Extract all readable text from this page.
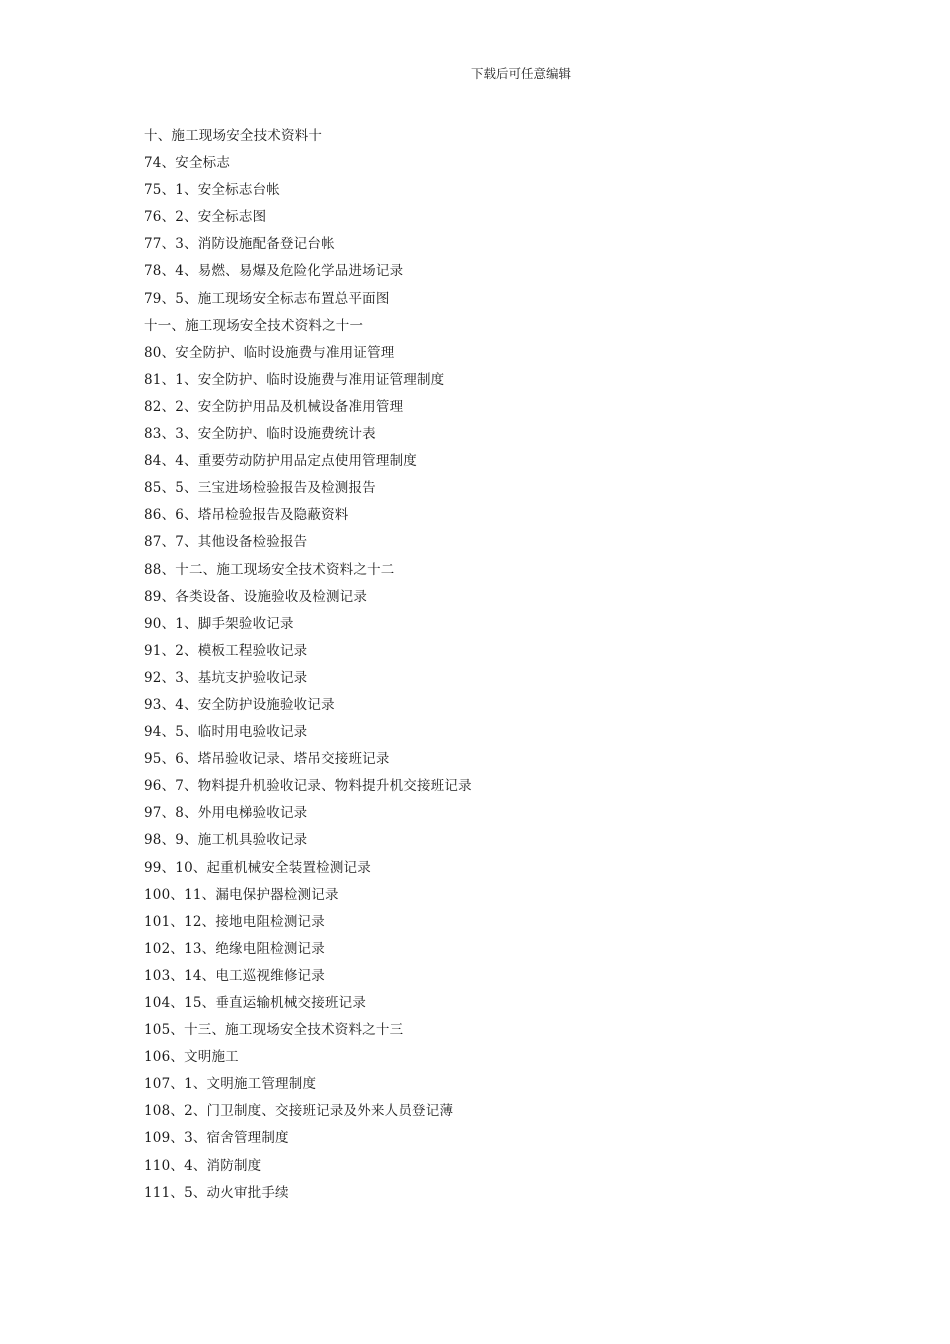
下载后可任意编辑
十、施工现场安全技术资料十
74、安全标志
75、1、安全标志台帐
76、2、安全标志图
77、3、消防设施配备登记台帐
78、4、易燃、易爆及危险化学品进场记录
79、5、施工现场安全标志布置总平面图
十一、施工现场安全技术资料之十一
80、安全防护、临时设施费与准用证管理
81、1、安全防护、临时设施费与准用证管理制度
82、2、安全防护用品及机械设备准用管理
83、3、安全防护、临时设施费统计表
84、4、重要劳动防护用品定点使用管理制度
85、5、三宝进场检验报告及检测报告
86、6、塔吊检验报告及隐蔽资料
87、7、其他设备检验报告
88、十二、施工现场安全技术资料之十二
89、各类设备、设施验收及检测记录
90、1、脚手架验收记录
91、2、模板工程验收记录
92、3、基坑支护验收记录
93、4、安全防护设施验收记录
94、5、临时用电验收记录
95、6、塔吊验收记录、塔吊交接班记录
96、7、物料提升机验收记录、物料提升机交接班记录
97、8、外用电梯验收记录
98、9、施工机具验收记录
99、10、起重机械安全装置检测记录
100、11、漏电保护器检测记录
101、12、接地电阻检测记录
102、13、绝缘电阻检测记录
103、14、电工巡视维修记录
104、15、垂直运输机械交接班记录
105、十三、施工现场安全技术资料之十三
106、文明施工
107、1、文明施工管理制度
108、2、门卫制度、交接班记录及外来人员登记薄
109、3、宿舍管理制度
110、4、消防制度
111、5、动火审批手续
